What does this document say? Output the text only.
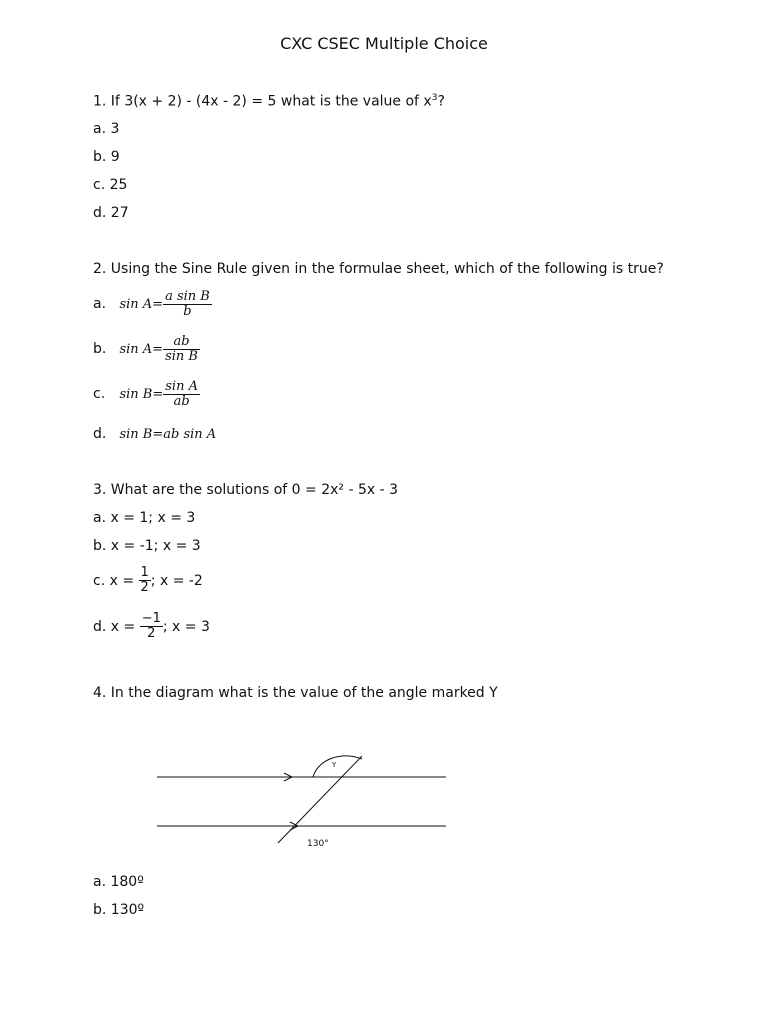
CXC CSEC Multiple Choice
1. If 3(x + 2) - (4x - 2) = 5 what is the value of $x^3$?
a. 3
b. 9
c. 25
d. 27
2. Using the Sine Rule given in the formulae sheet, which of the following is true?
a. $\sin A= \frac{\text{a sin B}}{b}$
b. $\sin A= \frac{ab}{\text{sin B}}$
c. $\sin B= \frac{\text{sin A}}{ab}$
d. sin B=ab sin A
3. What are the solutions of 0 = 2x² - 5x - 3
a. x = 1; x = 3
b. x = -1; x = 3
c. $x = \frac{1}{2}$ ; x = -2
d. $x = \frac{-1}{2}$ ; x = 3
4. In the diagram what is the value of the angle marked Y
Y
130°
a. 180º
b. 130º
